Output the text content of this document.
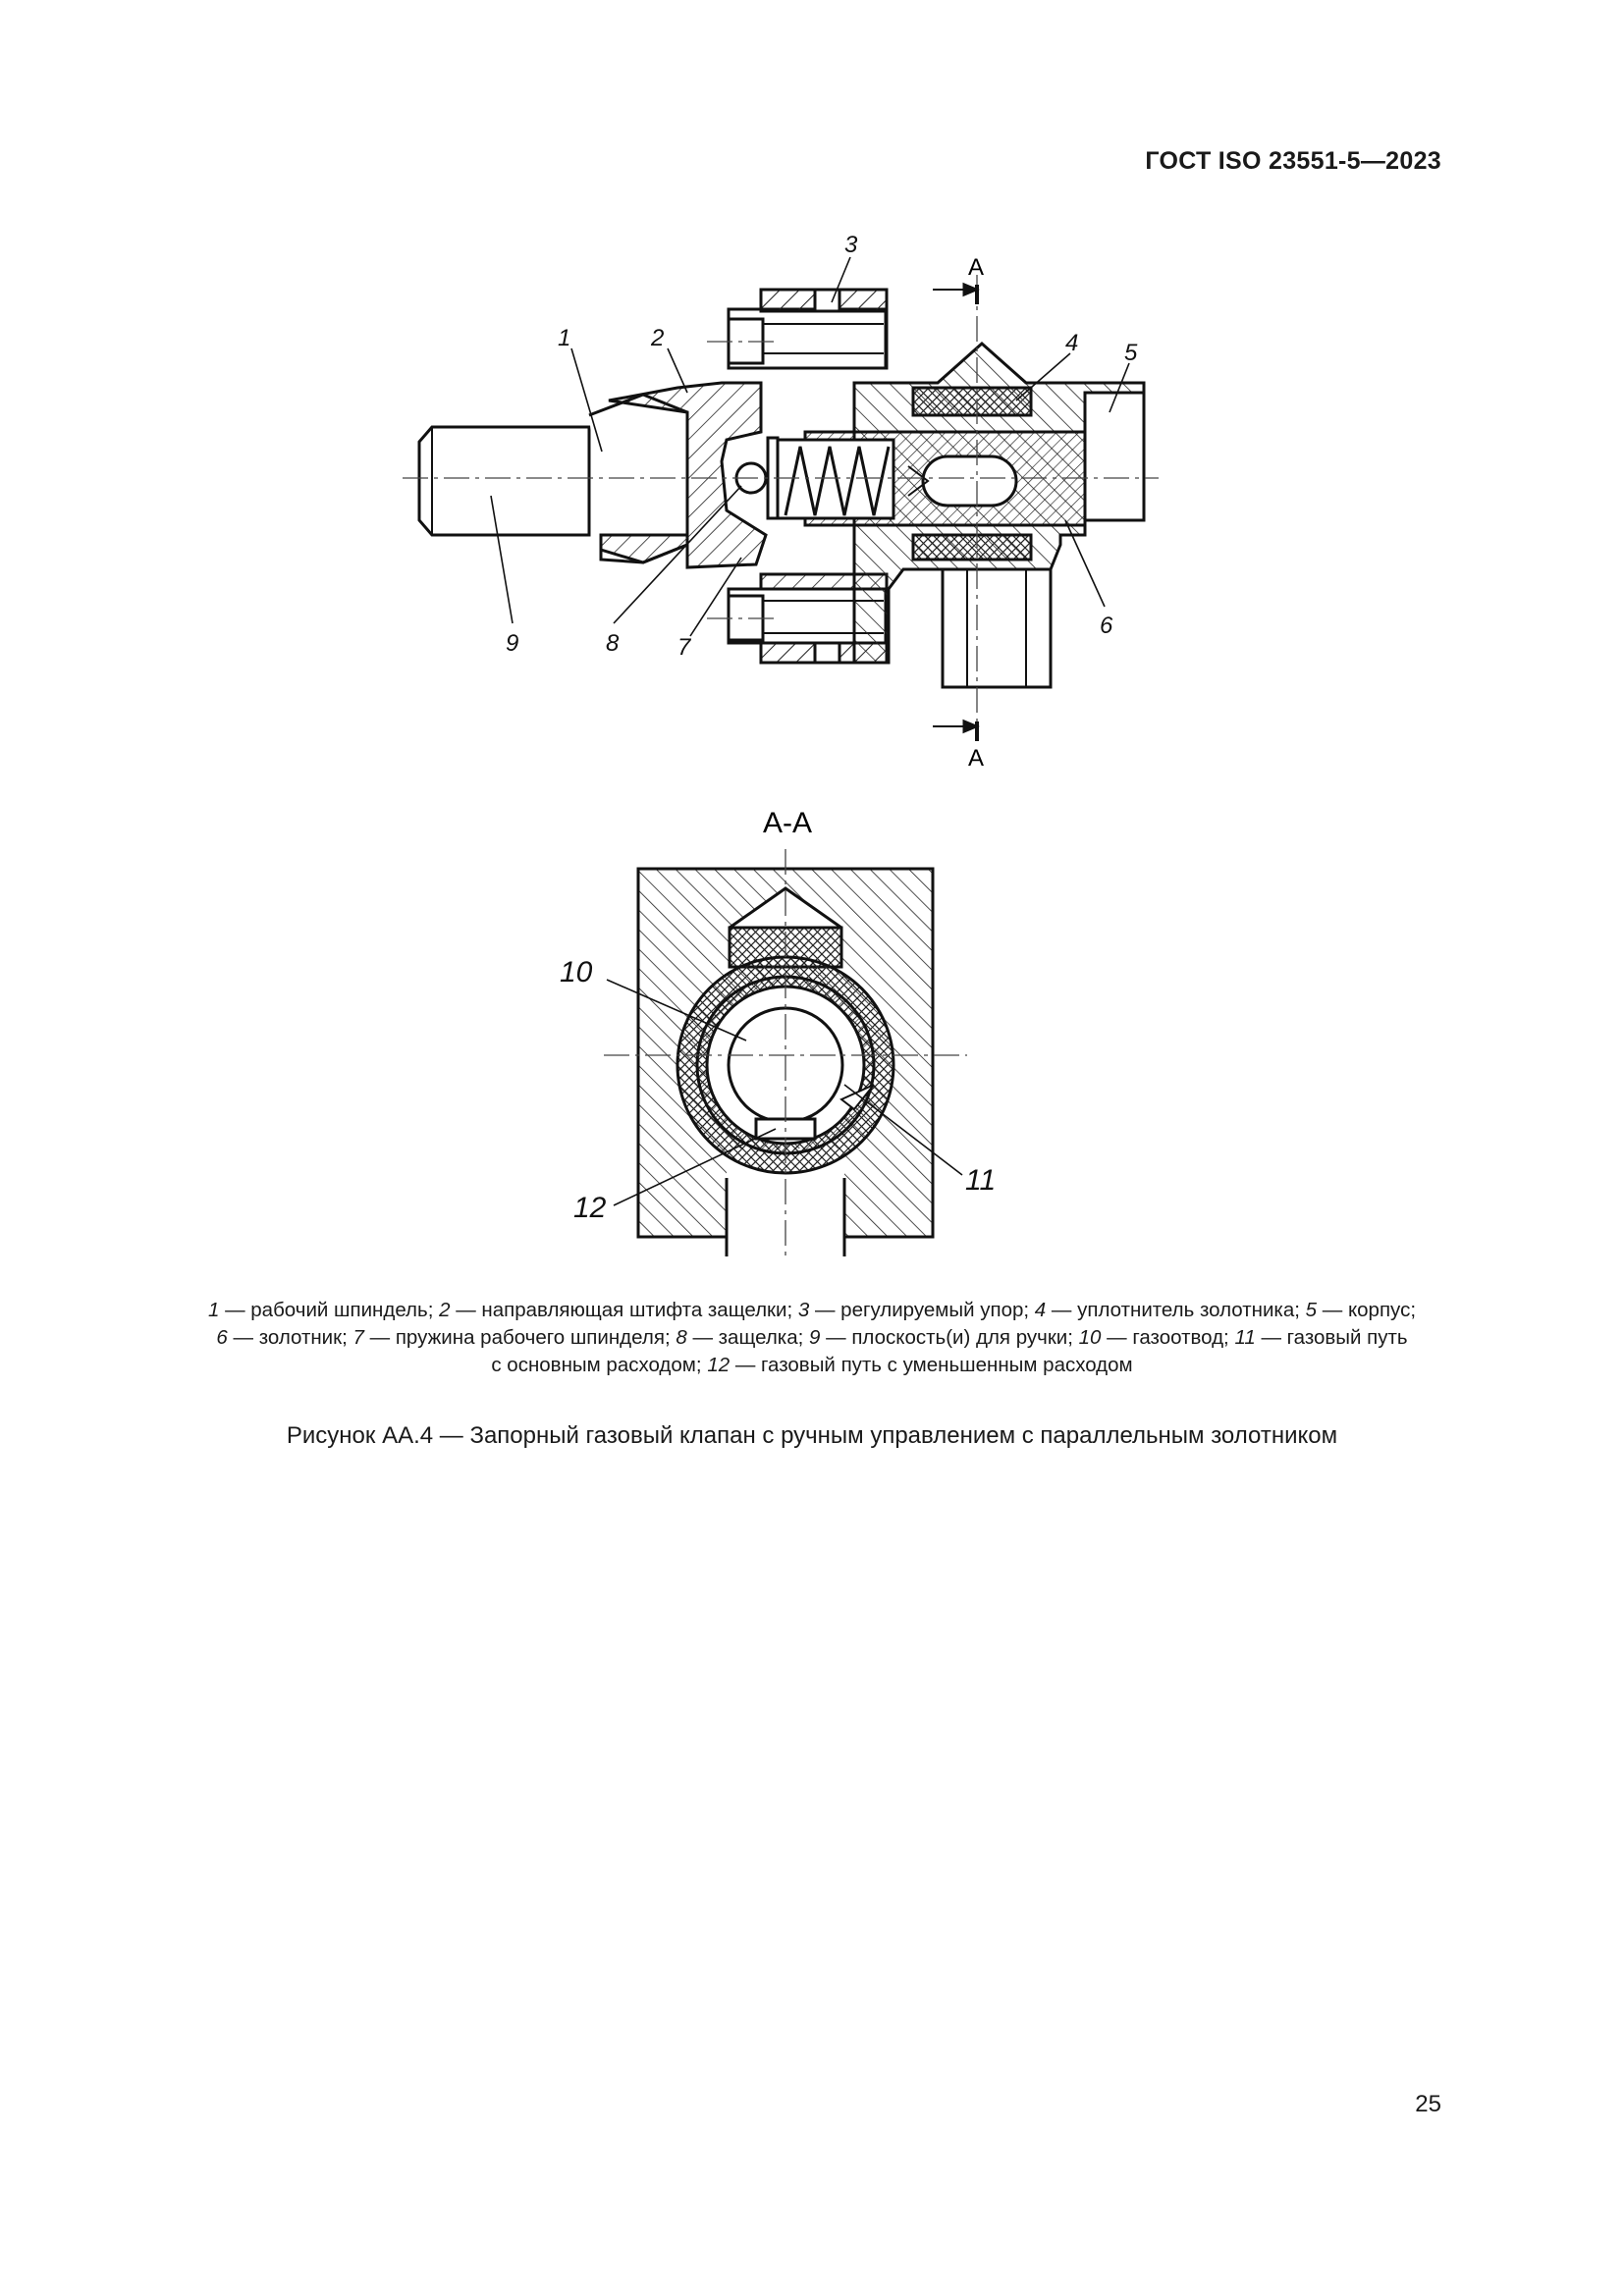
ГОСТ ISO 23551-5—2023
A
A
1	2
3
4 5
6
7
8
9
A-A
10
11
12
1 — рабочий шпиндель; 2 — направляющая штифта защелки; 3 — регулируемый упор; 4 — уплотнитель золотника; 5 — корпус;
6 — золотник; 7 — пружина рабочего шпинделя; 8 — защелка; 9 — плоскость(и) для ручки; 10 — газоотвод; 11 — газовый путь
с основным расходом; 12 — газовый путь с уменьшенным расходом
Рисунок АА.4 — Запорный газовый клапан с ручным управлением с параллельным золотником
25
